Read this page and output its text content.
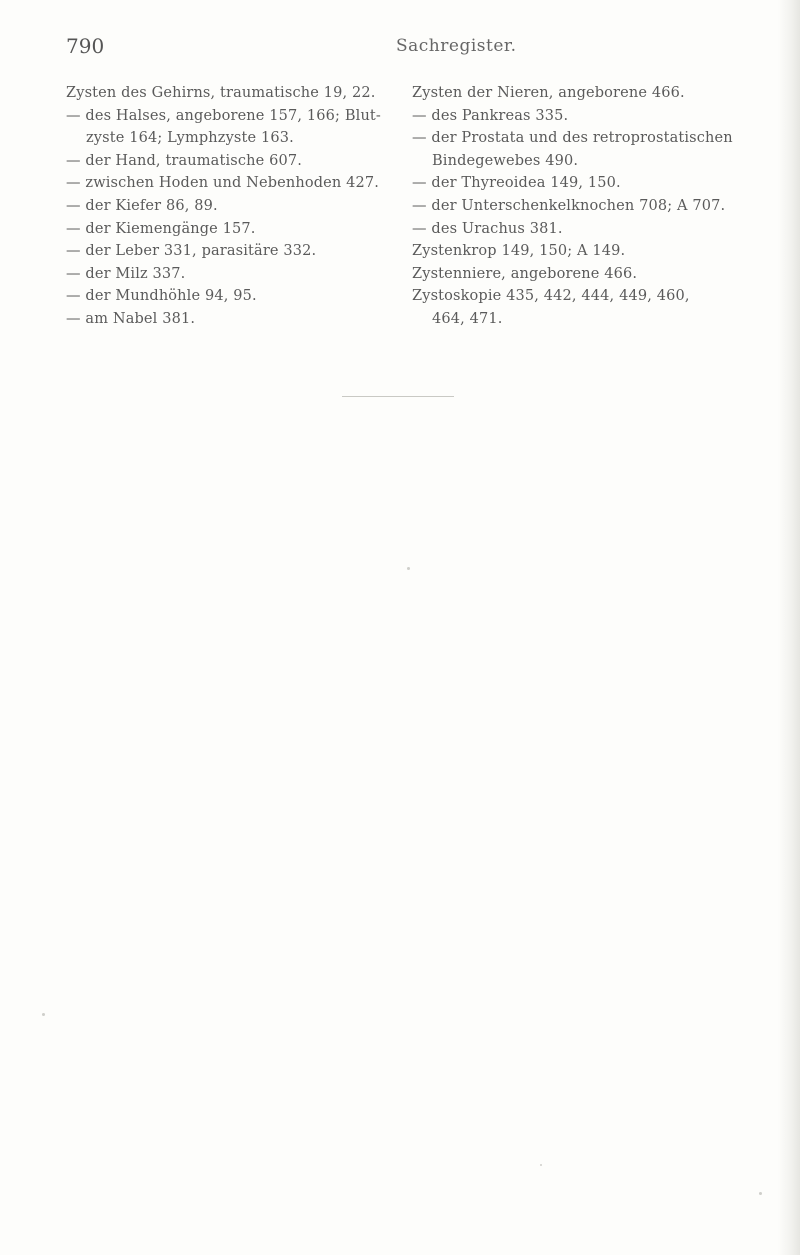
790	Sachregister.
Zysten des Gehirns, traumatische 19, 22.
— des Halses, angeborene 157, 166; Blut-
zyste 164; Lymphzyste 163.
— der Hand, traumatische 607.
— zwischen Hoden und Nebenhoden 427.
— der Kiefer 86, 89.
— der Kiemengänge 157.
— der Leber 331, parasitäre 332.
— der Milz 337.
— der Mundhöhle 94, 95.
— am Nabel 381.
Zysten der Nieren, angeborene 466.
— des Pankreas 335.
— der Prostata und des retroprostatischen
Bindegewebes 490.
— der Thyreoidea 149, 150.
— der Unterschenkelknochen 708; A 707.
— des Urachus 381.
Zystenkrop 149, 150; A 149.
Zystenniere, angeborene 466.
Zystoskopie 435, 442, 444, 449, 460,
464, 471.
